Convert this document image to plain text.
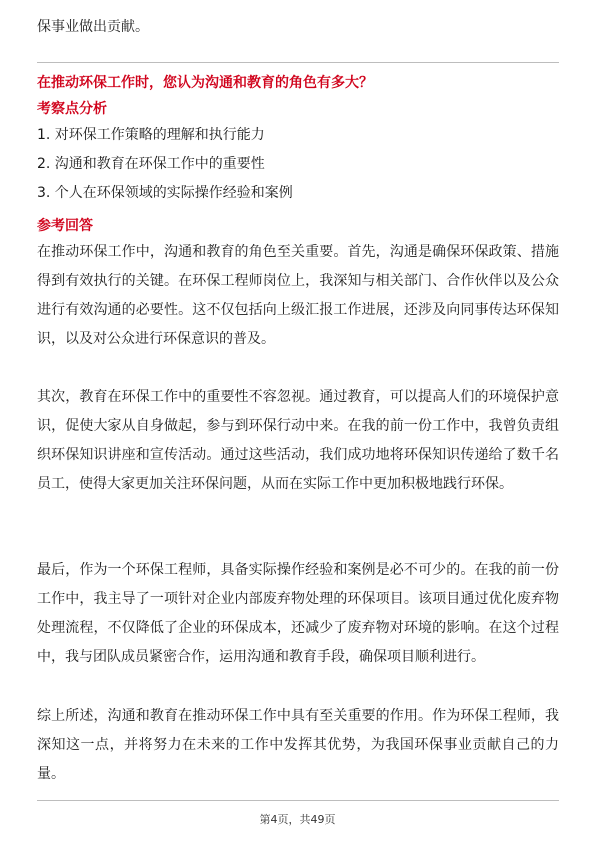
保事业做出贡献。
在推动环保工作时，您认为沟通和教育的角色有多大？
考察点分析
1. 对环保工作策略的理解和执行能力
2. 沟通和教育在环保工作中的重要性
3. 个人在环保领域的实际操作经验和案例
参考回答
在推动环保工作中，沟通和教育的角色至关重要。首先，沟通是确保环保政策、措施得到有效执行的关键。在环保工程师岗位上，我深知与相关部门、合作伙伴以及公众进行有效沟通的必要性。这不仅包括向上级汇报工作进展，还涉及向同事传达环保知识，以及对公众进行环保意识的普及。
其次，教育在环保工作中的重要性不容忽视。通过教育，可以提高人们的环境保护意识，促使大家从自身做起，参与到环保行动中来。在我的前一份工作中，我曾负责组织环保知识讲座和宣传活动。通过这些活动，我们成功地将环保知识传递给了数千名员工，使得大家更加关注环保问题，从而在实际工作中更加积极地践行环保。
最后，作为一个环保工程师，具备实际操作经验和案例是必不可少的。在我的前一份工作中，我主导了一项针对企业内部废弃物处理的环保项目。该项目通过优化废弃物处理流程，不仅降低了企业的环保成本，还减少了废弃物对环境的影响。在这个过程中，我与团队成员紧密合作，运用沟通和教育手段，确保项目顺利进行。
综上所述，沟通和教育在推动环保工作中具有至关重要的作用。作为环保工程师，我深知这一点，并将努力在未来的工作中发挥其优势，为我国环保事业贡献自己的力量。
第4页，共49页
